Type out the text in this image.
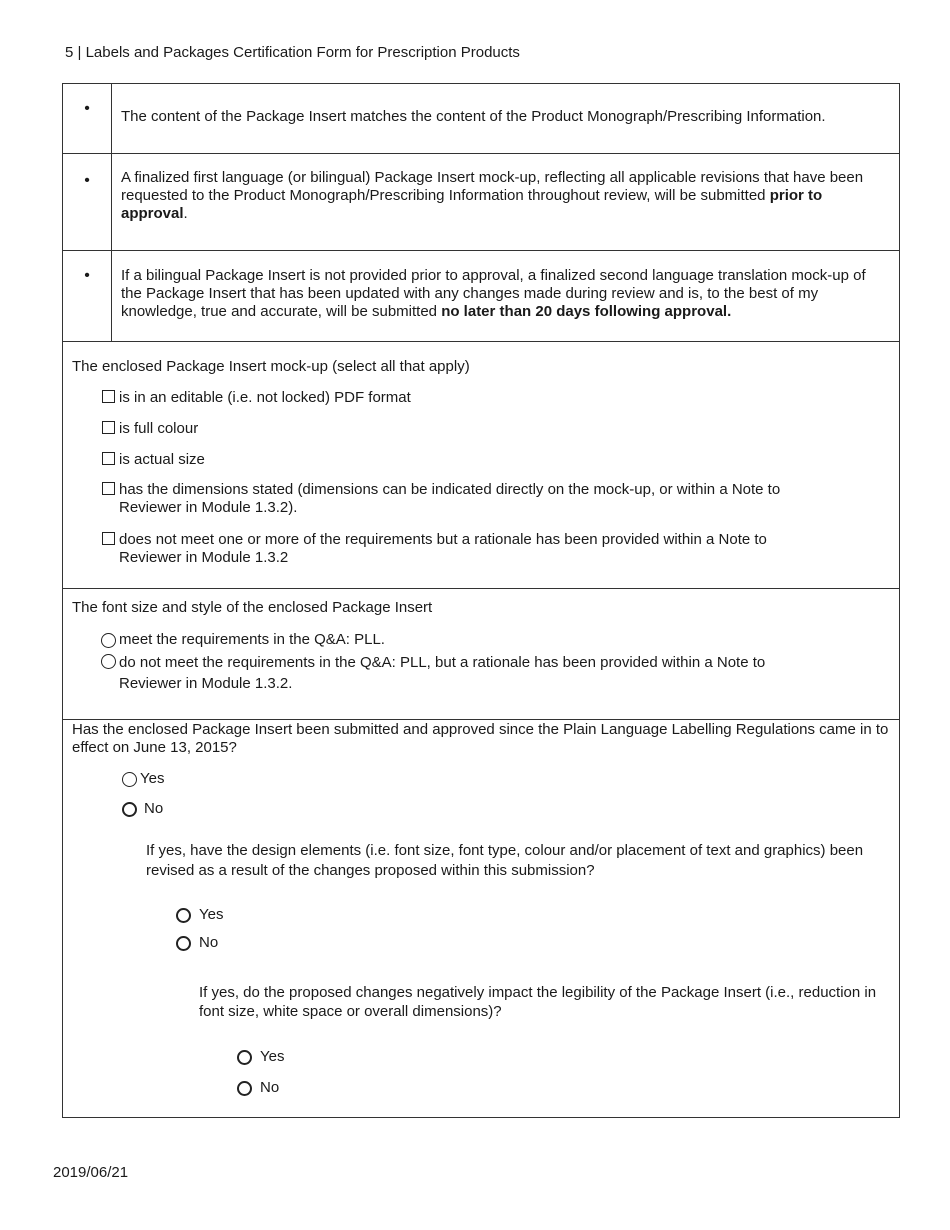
5 | Labels and Packages Certification Form for Prescription Products
•	The content of the Package Insert matches the content of the Product Monograph/Prescribing Information.
•	A finalized first language (or bilingual) Package Insert mock-up, reflecting all applicable revisions that have been requested to the Product Monograph/Prescribing Information throughout review, will be submitted prior to approval.
•	If a bilingual Package Insert is not provided prior to approval, a finalized second language translation mock-up of the Package Insert that has been updated with any changes made during review and is, to the best of my knowledge, true and accurate, will be submitted no later than 20 days following approval.
The enclosed Package Insert mock-up (select all that apply)
is in an editable (i.e. not locked) PDF format
is full colour
is actual size
has the dimensions stated (dimensions can be indicated directly on the mock-up, or within a Note to Reviewer in Module 1.3.2).
does not meet one or more of the requirements but a rationale has been provided within a Note to Reviewer in Module 1.3.2
The font size and style of the enclosed Package Insert
meet the requirements in the Q&A: PLL.
do not meet the requirements in the Q&A: PLL, but a rationale has been provided within a Note to Reviewer in Module 1.3.2.
Has the enclosed Package Insert been submitted and approved since the Plain Language Labelling Regulations came in to effect on June 13, 2015?
Yes
No
If yes, have the design elements (i.e. font size, font type, colour and/or placement of text and graphics) been revised as a result of the changes proposed within this submission?
Yes
No
If yes, do the proposed changes negatively impact the legibility of the Package Insert (i.e., reduction in font size, white space or overall dimensions)?
Yes
No
2019/06/21
